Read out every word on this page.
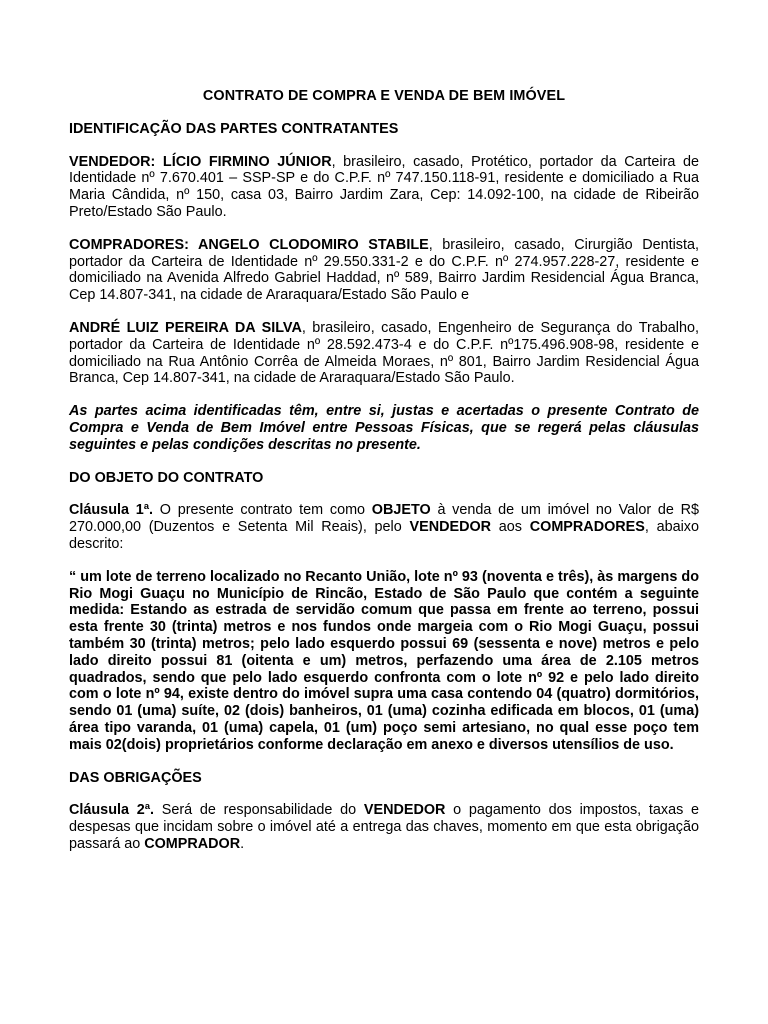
CONTRATO DE COMPRA E VENDA DE BEM IMÓVEL
IDENTIFICAÇÃO DAS PARTES CONTRATANTES

VENDEDOR: LÍCIO FIRMINO JÚNIOR, brasileiro, casado, Protético, portador da Carteira de Identidade nº 7.670.401 – SSP-SP e do C.P.F. nº 747.150.118-91, residente e domiciliado a Rua Maria Cândida, nº 150, casa 03, Bairro Jardim Zara, Cep: 14.092-100, na cidade de Ribeirão Preto/Estado São Paulo.

COMPRADORES: ANGELO CLODOMIRO STABILE, brasileiro, casado, Cirurgião Dentista, portador da Carteira de Identidade nº 29.550.331-2 e do C.P.F. nº 274.957.228-27, residente e domiciliado na Avenida Alfredo Gabriel Haddad, nº 589, Bairro Jardim Residencial Água Branca, Cep 14.807-341, na cidade de Araraquara/Estado São Paulo e

ANDRÉ LUIZ PEREIRA DA SILVA, brasileiro, casado, Engenheiro de Segurança do Trabalho, portador da Carteira de Identidade nº 28.592.473-4 e do C.P.F. nº175.496.908-98, residente e domiciliado na Rua Antônio Corrêa de Almeida Moraes, nº 801, Bairro Jardim Residencial Água Branca, Cep 14.807-341, na cidade de Araraquara/Estado São Paulo.

As partes acima identificadas têm, entre si, justas e acertadas o presente Contrato de Compra e Venda de Bem Imóvel entre Pessoas Físicas, que se regerá pelas cláusulas seguintes e pelas condições descritas no presente.

DO OBJETO DO CONTRATO

Cláusula 1ª. O presente contrato tem como OBJETO à venda de um imóvel no Valor de R$ 270.000,00 (Duzentos e Setenta Mil Reais), pelo VENDEDOR aos COMPRADORES, abaixo descrito:

“ um lote de terreno localizado no Recanto União, lote nº 93 (noventa e três), às margens do Rio Mogi Guaçu no Município de Rincão, Estado de São Paulo que contém a seguinte medida: Estando as estrada de servidão comum que passa em frente ao terreno, possui esta frente 30 (trinta) metros e nos fundos onde margeia com o Rio Mogi Guaçu, possui também 30 (trinta) metros; pelo lado esquerdo possui 69 (sessenta e nove) metros e pelo lado direito possui 81 (oitenta e um) metros, perfazendo uma área de 2.105 metros quadrados, sendo que pelo lado esquerdo confronta com o lote nº 92 e pelo lado direito com o lote nº 94, existe dentro do imóvel supra uma casa contendo 04 (quatro) dormitórios, sendo 01 (uma) suíte, 02 (dois) banheiros, 01 (uma) cozinha edificada em blocos, 01 (uma) área tipo varanda, 01 (uma) capela, 01 (um) poço semi artesiano, no qual esse poço tem mais 02(dois) proprietários conforme declaração em anexo e diversos utensílios de uso.

DAS OBRIGAÇÕES

Cláusula 2ª. Será de responsabilidade do VENDEDOR o pagamento dos impostos, taxas e despesas que incidam sobre o imóvel até a entrega das chaves, momento em que esta obrigação passará ao COMPRADOR.
